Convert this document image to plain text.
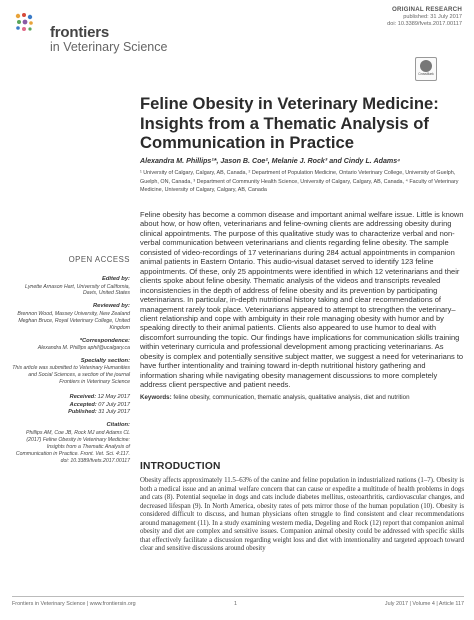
frontiers
in Veterinary Science
ORIGINAL RESEARCH
published: 31 July 2017
doi: 10.3389/fvets.2017.00117
CrossMark
Feline Obesity in Veterinary Medicine: Insights from a Thematic Analysis of Communication in Practice
Alexandra M. Phillips¹*, Jason B. Coe², Melanie J. Rock³ and Cindy L. Adams⁴
¹ University of Calgary, Calgary, AB, Canada, ² Department of Population Medicine, Ontario Veterinary College, University of Guelph, Guelph, ON, Canada, ³ Department of Community Health Science, University of Calgary, Calgary, AB, Canada, ⁴ Faculty of Veterinary Medicine, University of Calgary, Calgary, AB, Canada

Feline obesity has become a common disease and important animal welfare issue. Little is known about how, or how often, veterinarians and feline-owning clients are addressing obesity during clinical appointments. The purpose of this qualitative study was to characterize verbal and non-verbal communication between veterinarians and clients regarding feline obesity. The sample consisted of video-recordings of 17 veterinarians during 284 actual appointments in companion animal patients in Eastern Ontario. This audio-visual dataset served to identify 123 feline appointments. Of these, only 25 appointments were identified in which 12 veterinarians and their clients spoke about feline obesity. Thematic analysis of the videos and transcripts revealed inconsistencies in the depth of address of feline obesity and its prevention by participating veterinarians. In particular, in-depth nutritional history taking and clear recommendations of management rarely took place. Veterinarians appeared to attempt to strengthen the veterinary–client relationship and cope with ambiguity in their role managing obesity with humor and by speaking directly to their animal patients. Clients also appeared to use humor to deal with discomfort surrounding the topic. Our findings have implications for communication skills training within veterinary curricula and professional development among practicing veterinarians. As obesity is complex and potentially sensitive subject matter, we suggest a need for veterinarians to have further intentionality and training toward in-depth nutritional history gathering and information sharing while navigating obesity management discussions to more completely address client perspective and patient needs.

Keywords: feline obesity, communication, thematic analysis, qualitative analysis, diet and nutrition

OPEN ACCESS
Edited by:
Lynette Arnason Hart, University of California, Davis, United States
Reviewed by:
Brennon Wood, Massey University, New Zealand Meghan Bruce, Royal Veterinary College, United Kingdom
*Correspondence:
Alexandra M. Phillips aphil@ucalgary.ca
Specialty section:
This article was submitted to Veterinary Humanities and Social Sciences, a section of the journal Frontiers in Veterinary Science
Received: 12 May 2017
Accepted: 07 July 2017
Published: 31 July 2017
Citation:
Phillips AM, Coe JB, Rock MJ and Adams CL (2017) Feline Obesity in Veterinary Medicine: Insights from a Thematic Analysis of Communication in Practice. Front. Vet. Sci. 4:117. doi: 10.3389/fvets.2017.00117
INTRODUCTION
Obesity affects approximately 11.5–63% of the canine and feline population in industrialized nations (1–7). Obesity is both a medical issue and an animal welfare concern that can cause or expedite a multitude of health problems in dogs and cats (8). Potential sequelae in dogs and cats include diabetes mellitus, osteoarthritis, cardiovascular changes, and decreased lifespan (9). In North America, obesity rates of pets mirror those of the human population (10). Obesity is considered difficult to discuss, and human physicians often struggle to find consistent and clear recommendations around management (11). In a study examining western media, Degeling and Rock (12) report that companion animal obesity and diet are complex and sensitive issues. Companion animal obesity could be addressed with specific skills that effectively facilitate a discussion regarding weight loss and diet with intentionality and targeted approach toward clear and sensitive discussions around obesity
Frontiers in Veterinary Science | www.frontiersin.org	1	July 2017 | Volume 4 | Article 117
